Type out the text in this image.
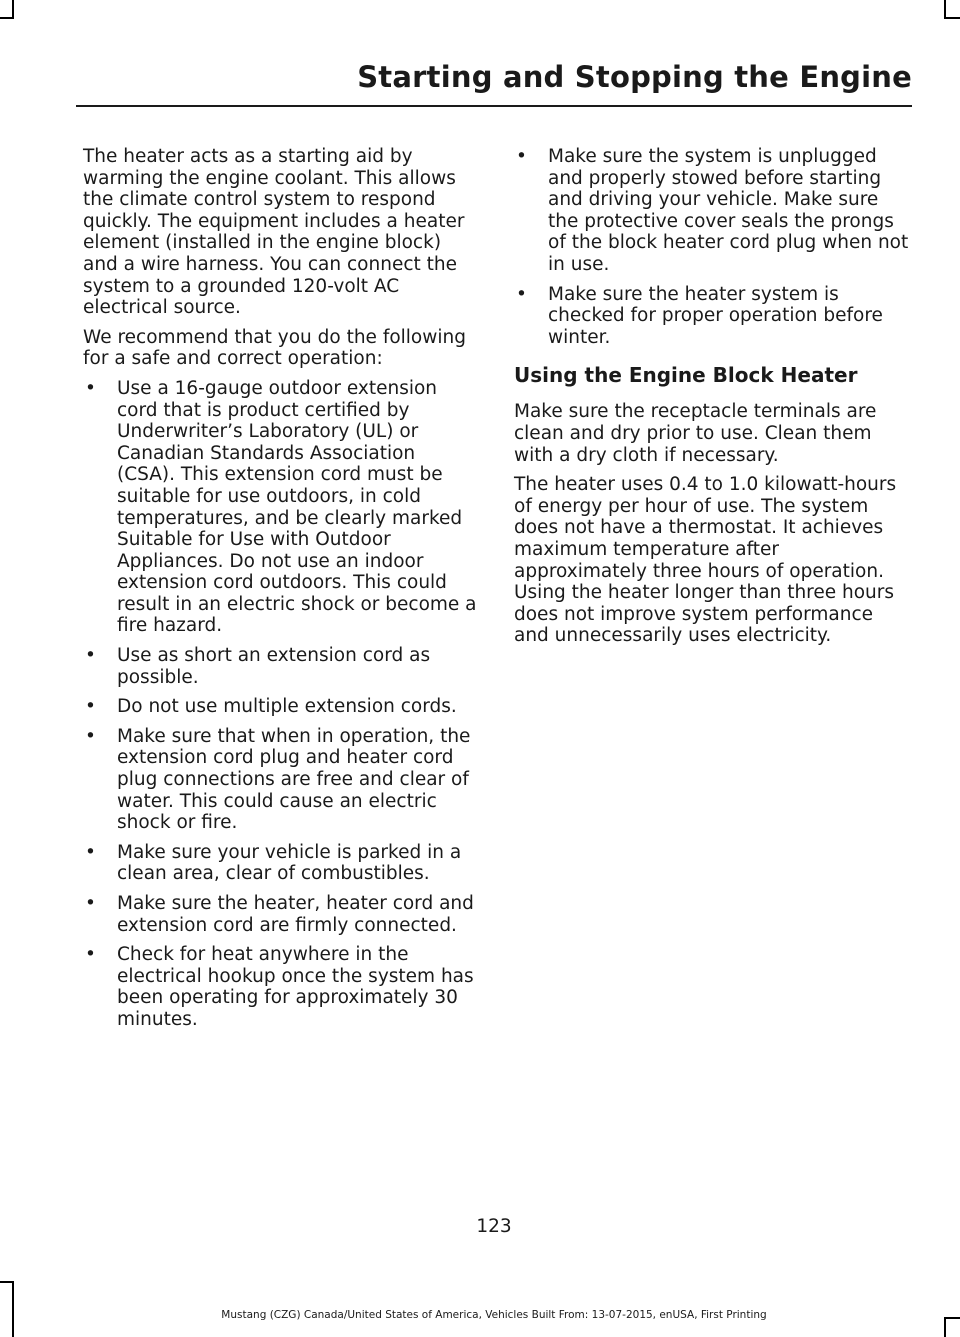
Starting and Stopping the Engine

The heater acts as a starting aid by warming the engine coolant. This allows the climate control system to respond quickly. The equipment includes a heater element (installed in the engine block) and a wire harness. You can connect the system to a grounded 120-volt AC electrical source.

We recommend that you do the following for a safe and correct operation:

• Use a 16-gauge outdoor extension cord that is product certified by Underwriter’s Laboratory (UL) or Canadian Standards Association (CSA). This extension cord must be suitable for use outdoors, in cold temperatures, and be clearly marked Suitable for Use with Outdoor Appliances. Do not use an indoor extension cord outdoors. This could result in an electric shock or become a fire hazard.
• Use as short an extension cord as possible.
• Do not use multiple extension cords.
• Make sure that when in operation, the extension cord plug and heater cord plug connections are free and clear of water. This could cause an electric shock or fire.
• Make sure your vehicle is parked in a clean area, clear of combustibles.
• Make sure the heater, heater cord and extension cord are firmly connected.
• Check for heat anywhere in the electrical hookup once the system has been operating for approximately 30 minutes.
• Make sure the system is unplugged and properly stowed before starting and driving your vehicle. Make sure the protective cover seals the prongs of the block heater cord plug when not in use.
• Make sure the heater system is checked for proper operation before winter.
Using the Engine Block Heater

Make sure the receptacle terminals are clean and dry prior to use. Clean them with a dry cloth if necessary.

The heater uses 0.4 to 1.0 kilowatt-hours of energy per hour of use. The system does not have a thermostat. It achieves maximum temperature after approximately three hours of operation. Using the heater longer than three hours does not improve system performance and unnecessarily uses electricity.

123
Mustang (CZG) Canada/United States of America, Vehicles Built From: 13-07-2015, enUSA, First Printing
